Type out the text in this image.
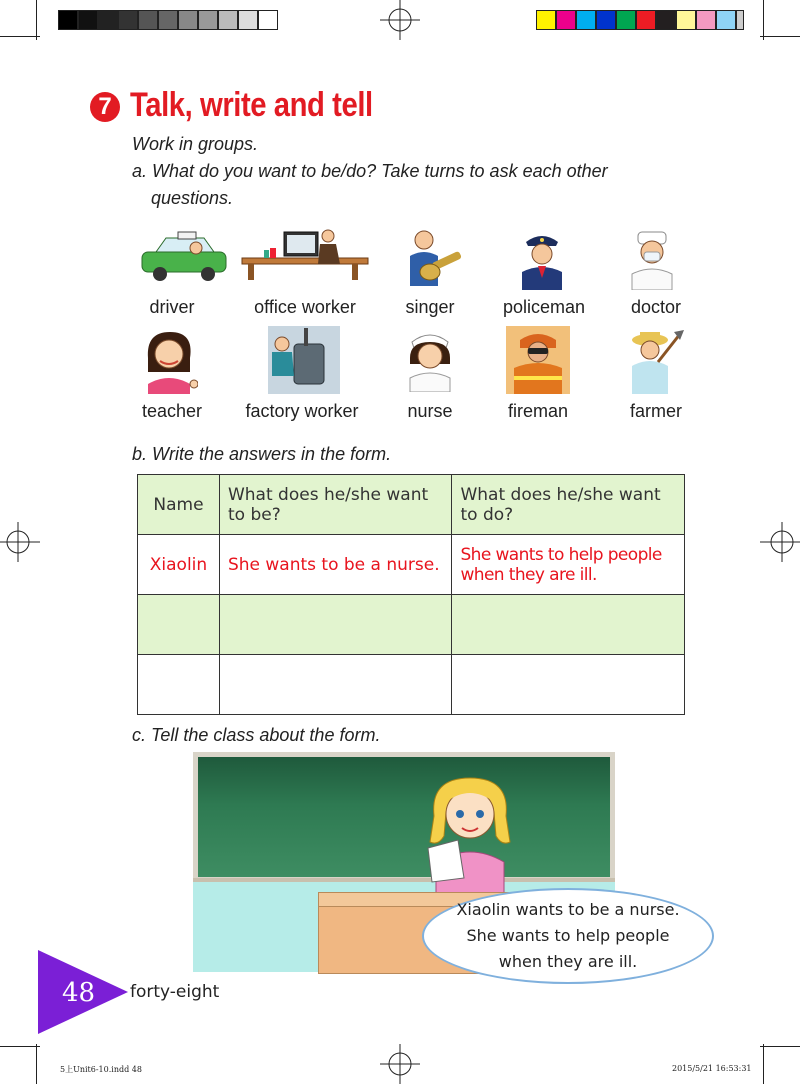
7 Talk, write and tell
Work in groups.
a. What do you want to be/do? Take turns to ask each other
questions.
driver	office worker	singer	policeman	doctor
teacher	factory worker	nurse	fireman	farmer
b. Write the answers in the form.
Name	What does he/she want to be?	What does he/she want to do?
Xiaolin	She wants to be a nurse.	She wants to help people when they are ill.

c. Tell the class about the form.
Xiaolin wants to be a nurse.
She wants to help people
when they are ill.
48 forty-eight
5上Unit6-10.indd 48	2015/5/21 16:53:31
